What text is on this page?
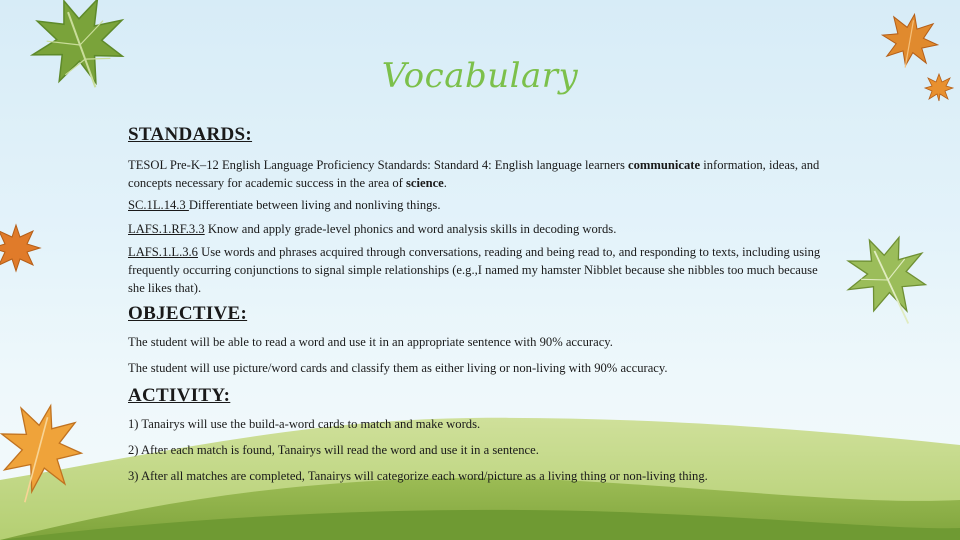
Vocabulary

STANDARDS:

TESOL Pre-K–12 English Language Proficiency Standards: Standard 4: English language learners communicate information, ideas, and concepts necessary for academic success in the area of science.

SC.1L.14.3 Differentiate between living and nonliving things.

LAFS.1.RF.3.3 Know and apply grade-level phonics and word analysis skills in decoding words.

LAFS.1.L.3.6 Use words and phrases acquired through conversations, reading and being read to, and responding to texts, including using frequently occurring conjunctions to signal simple relationships (e.g.,I named my hamster Nibblet because she nibbles too much because she likes that).

OBJECTIVE:

The student will be able to read a word and use it in an appropriate sentence with 90% accuracy.

The student will use picture/word cards and classify them as either living or non-living with 90% accuracy.

ACTIVITY:

1) Tanairys will use the build-a-word cards to match and make words.

2) After each match is found, Tanairys will read the word and use it in a sentence.

3) After all matches are completed, Tanairys will categorize each word/picture as a living thing or non-living thing.
